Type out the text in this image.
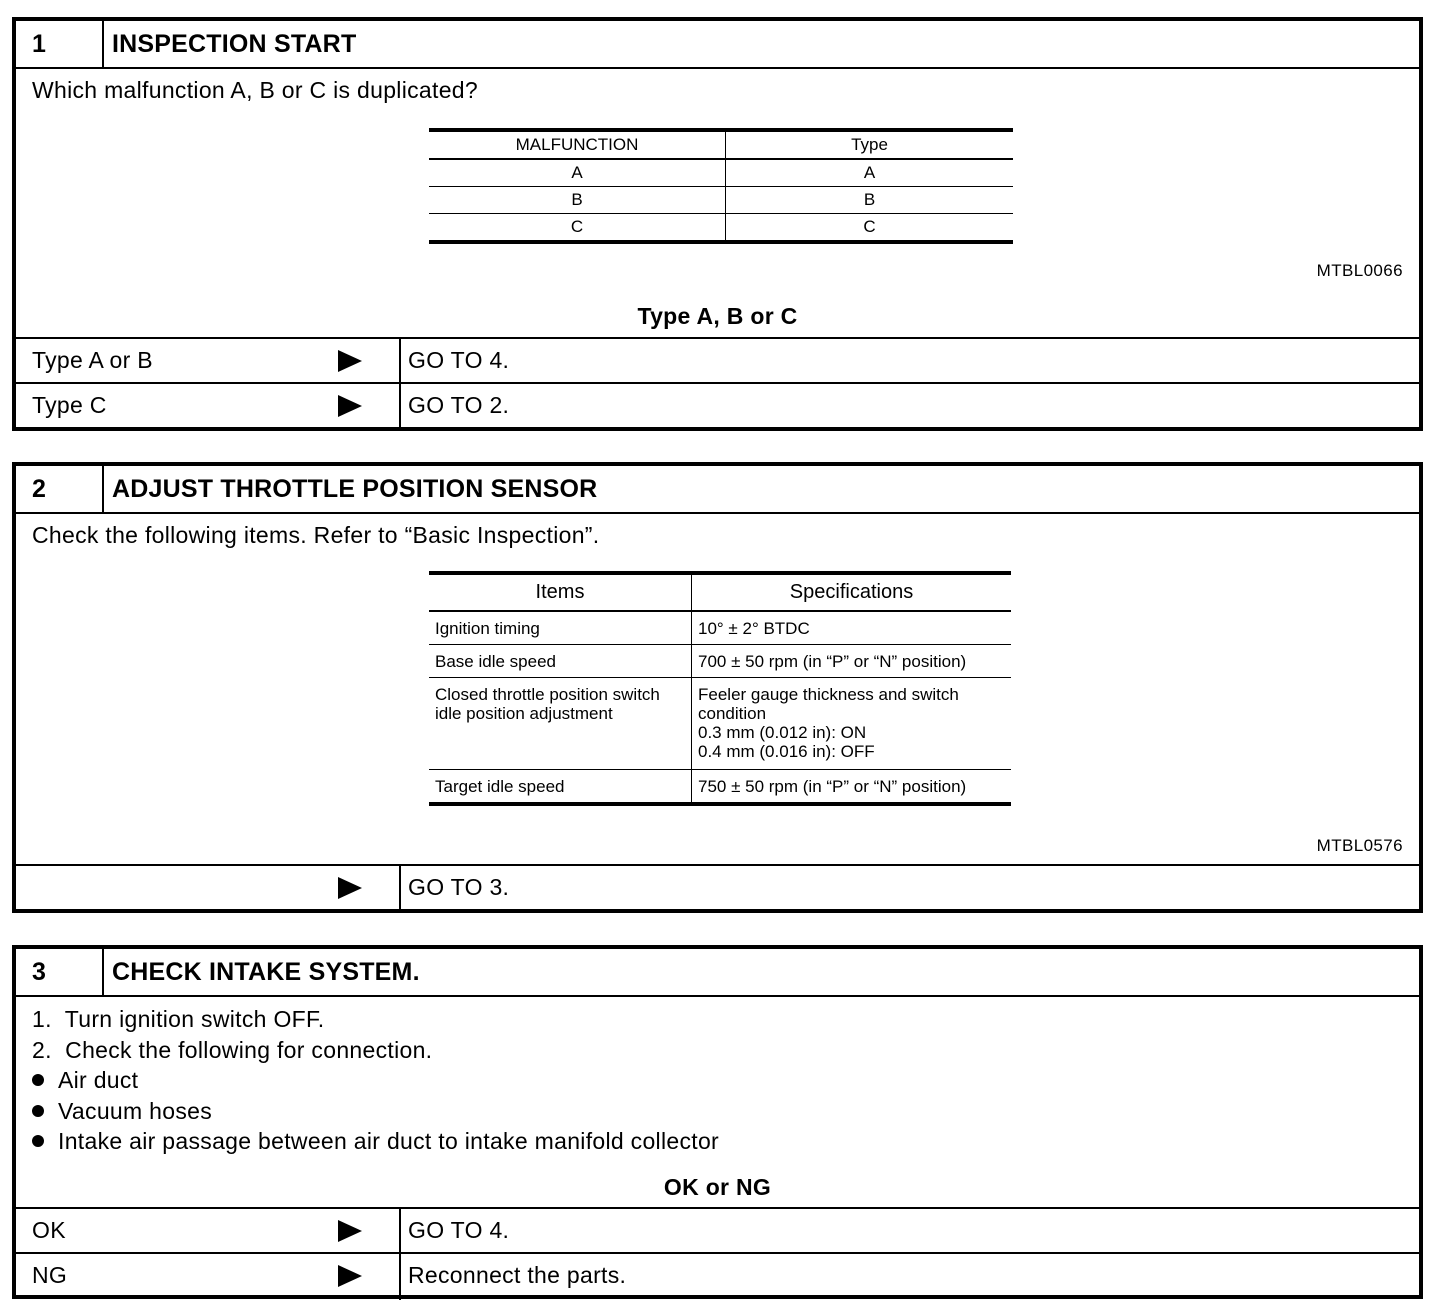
1	INSPECTION START
Which malfunction A, B or C is duplicated?
MALFUNCTION	Type
A	A
B	B
C	C
MTBL0066
Type A, B or C
Type A or B	GO TO 4.
Type C	GO TO 2.
2	ADJUST THROTTLE POSITION SENSOR
Check the following items. Refer to “Basic Inspection”.
Items	Specifications
Ignition timing	10° ± 2° BTDC
Base idle speed	700 ± 50 rpm (in “P” or “N” position)
Closed throttle position switch idle position adjustment	Feeler gauge thickness and switch condition
0.3 mm (0.012 in): ON
0.4 mm (0.016 in): OFF

Target idle speed	750 ± 50 rpm (in “P” or “N” position)
MTBL0576
GO TO 3.
3	CHECK INTAKE SYSTEM.
1.  Turn ignition switch OFF.
2.  Check the following for connection.
Air duct
Vacuum hoses
Intake air passage between air duct to intake manifold collector
OK or NG
OK	GO TO 4.
NG	Reconnect the parts.
